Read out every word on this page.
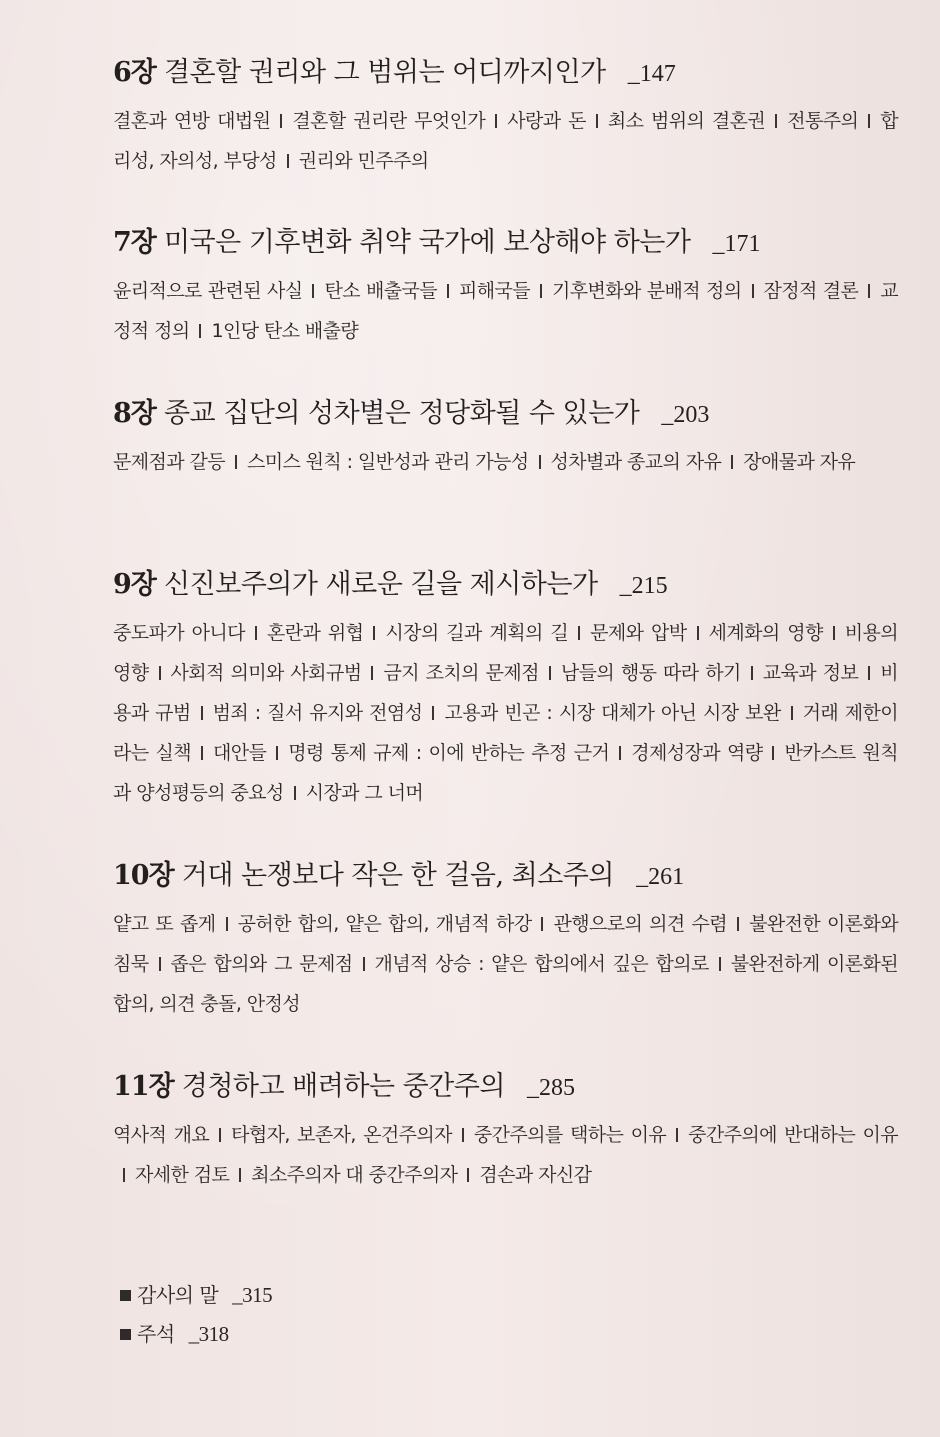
6장 결혼할 권리와 그 범위는 어디까지인가 _147
결혼과 연방 대법원 결혼할 권리란 무엇인가 사랑과 돈 최소 범위의 결혼권 전통주의 합리성, 자의성, 부당성 권리와 민주주의
7장 미국은 기후변화 취약 국가에 보상해야 하는가 _171
윤리적으로 관련된 사실 탄소 배출국들 피해국들 기후변화와 분배적 정의 잠정적 결론 교정적 정의 1인당 탄소 배출량
8장 종교 집단의 성차별은 정당화될 수 있는가 _203
문제점과 갈등 스미스 원칙 : 일반성과 관리 가능성 성차별과 종교의 자유 장애물과 자유
9장 신진보주의가 새로운 길을 제시하는가 _215
중도파가 아니다 혼란과 위협 시장의 길과 계획의 길 문제와 압박 세계화의 영향 비용의 영향 사회적 의미와 사회규범 금지 조치의 문제점 남들의 행동 따라 하기 교육과 정보 비용과 규범 범죄 : 질서 유지와 전염성 고용과 빈곤 : 시장 대체가 아닌 시장 보완 거래 제한이라는 실책 대안들 명령 통제 규제 : 이에 반하는 추정 근거 경제성장과 역량 반카스트 원칙과 양성평등의 중요성 시장과 그 너머
10장 거대 논쟁보다 작은 한 걸음, 최소주의 _261
얕고 또 좁게 공허한 합의, 얕은 합의, 개념적 하강 관행으로의 의견 수렴 불완전한 이론화와 침묵 좁은 합의와 그 문제점 개념적 상승 : 얕은 합의에서 깊은 합의로 불완전하게 이론화된 합의, 의견 충돌, 안정성
11장 경청하고 배려하는 중간주의 _285
역사적 개요 타협자, 보존자, 온건주의자 중간주의를 택하는 이유 중간주의에 반대하는 이유자세한 검토 최소주의자 대 중간주의자 겸손과 자신감
감사의 말 _315
주석 _318
